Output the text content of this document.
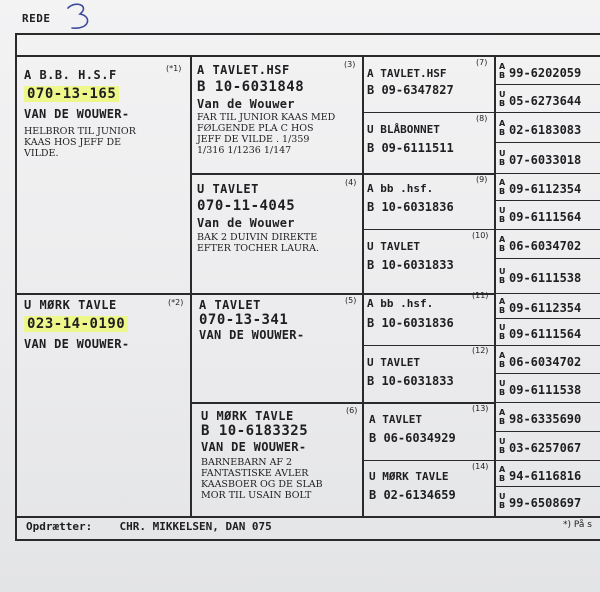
REDE
(*1)
A B.B. H.S.F
070-13-165
VAN DE WOUWER-
HELBROR TIL JUNIOR KAAS HOS JEFF DE VILDE.
(*2)
U MØRK TAVLE
023-14-0190
VAN DE WOUWER-
(3)
A TAVLET.HSF
B 10-6031848
Van de Wouwer
FAR TIL JUNIOR KAAS MED FØLGENDE PLA C HOS JEFF DE VILDE . 1/359 1/316 1/1236 1/147
(4)
U TAVLET
070-11-4045
Van de Wouwer
BAK 2 DUIVIN DIREKTE EFTER TOCHER LAURA.
(5)
A TAVLET
070-13-341
VAN DE WOUWER-
(6)
U MØRK TAVLE
B 10-6183325
VAN DE WOUWER-
BARNEBARN AF 2 FANTASTISKE AVLER KAASBOER OG DE SLAB MOR TIL USAIN BOLT
(7)
A TAVLET.HSF
B 09-6347827
(8)
U BLÅBONNET
B 09-6111511
(9)
A bb .hsf.
B 10-6031836
(10)
U TAVLET
B 10-6031833
(11)
A bb .hsf.
B 10-6031836
(12)
U TAVLET
B 10-6031833
(13)
A TAVLET
B 06-6034929
(14)
U MØRK TAVLE
B 02-6134659
A
B 99-6202059
U
B 05-6273644
A
B 02-6183083
U
B 07-6033018
A
B 09-6112354
U
B 09-6111564
A
B 06-6034702
U
B 09-6111538
A
B 09-6112354
U
B 09-6111564
A
B 06-6034702
U
B 09-6111538
A
B 98-6335690
U
B 03-6257067
A
B 94-6116816
U
B 99-6508697
Opdrætter: CHR. MIKKELSEN, DAN 075	*) På s
